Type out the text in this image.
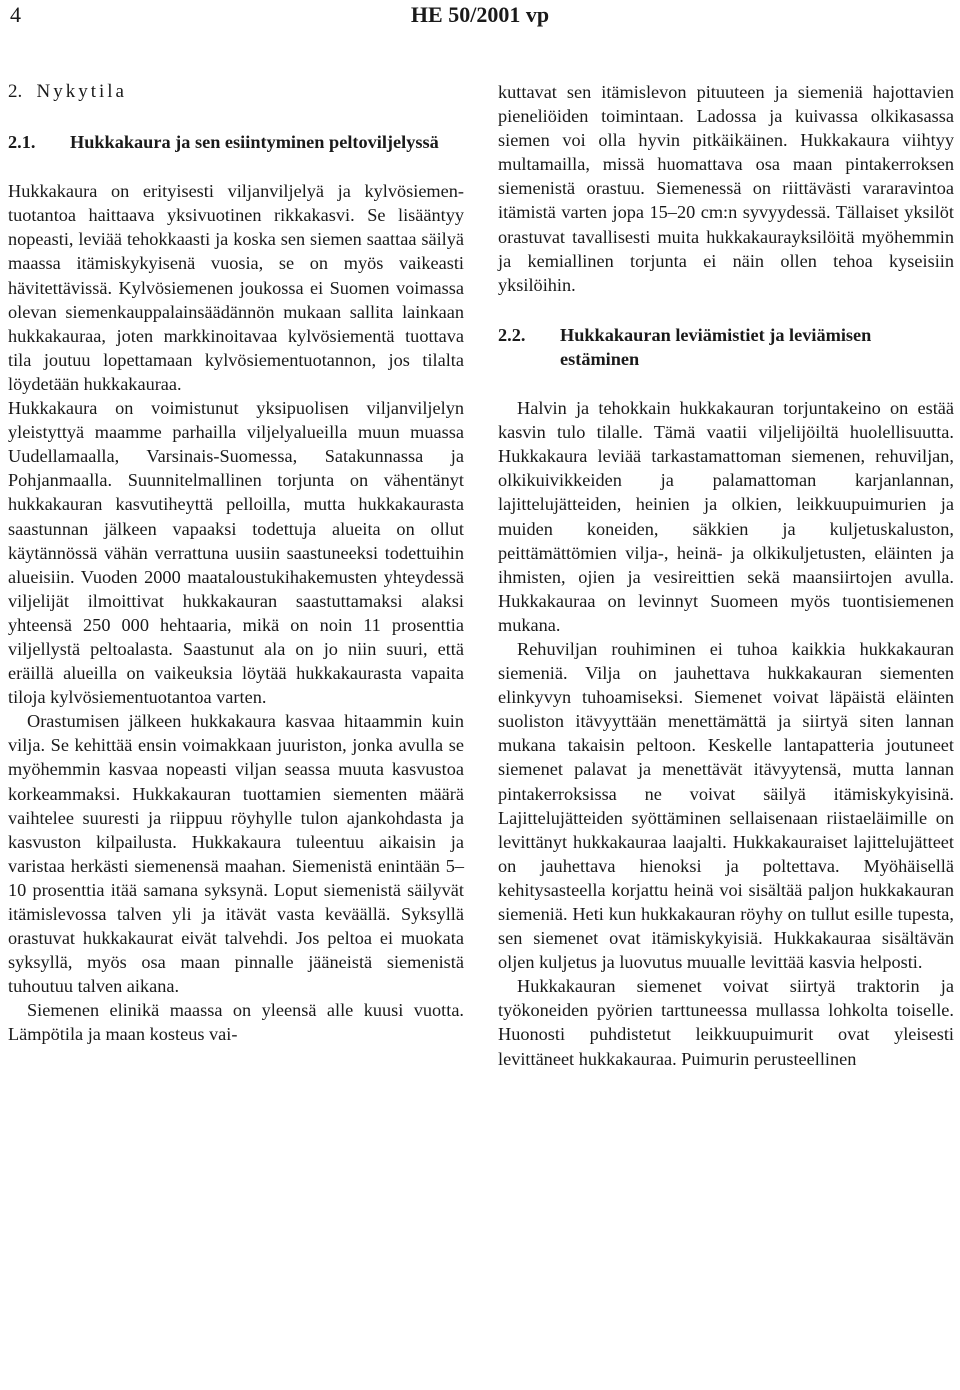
4	HE 50/2001 vp
2. Nykytila
2.1.	Hukkakaura ja sen esiintyminen peltoviljelyssä

Hukkakaura on erityisesti viljanviljelyä ja kylvösiementuotantoa haittaava yksivuotinen rikkakasvi. Se lisääntyy nopeasti, leviää tehokkaasti ja koska sen siemen saattaa säilyä maassa itämiskykyisenä vuosia, se on myös vaikeasti hävitettävissä. Kylvösiemenen joukossa ei Suomen voimassa olevan siemenkauppalainsäädännön mukaan sallita lainkaan hukkakauraa, joten markkinoitavaa kylvösiementä tuottava tila joutuu lopettamaan kylvösiementuotannon, jos tilalta löydetään hukkakauraa.

Hukkakaura on voimistunut yksipuolisen viljanviljelyn yleistyttyä maamme parhailla viljelyalueilla muun muassa Uudellamaalla, Varsinais-Suomessa, Satakunnassa ja Pohjanmaalla. Suunnitelmallinen torjunta on vähentänyt hukkakauran kasvutiheyttä pelloilla, mutta hukkakaurasta saastunnan jälkeen vapaaksi todettuja alueita on ollut käytännössä vähän verrattuna uusiin saastuneeksi todettuihin alueisiin. Vuoden 2000 maataloustukihakemusten yhteydessä viljelijät ilmoittivat hukkakauran saastuttamaksi alaksi yhteensä 250 000 hehtaaria, mikä on noin 11 prosenttia viljellystä peltoalasta. Saastunut ala on jo niin suuri, että eräillä alueilla on vaikeuksia löytää hukkakaurasta vapaita tiloja kylvösiementuotantoa varten.

Orastumisen jälkeen hukkakaura kasvaa hitaammin kuin vilja. Se kehittää ensin voimakkaan juuriston, jonka avulla se myöhemmin kasvaa nopeasti viljan seassa muuta kasvustoa korkeammaksi. Hukkakauran tuottamien siementen määrä vaihtelee suuresti ja riippuu röyhylle tulon ajankohdasta ja kasvuston kilpailusta. Hukkakaura tuleentuu aikaisin ja varistaa herkästi siemenensä maahan. Siemenistä enintään 5–10 prosenttia itää samana syksynä. Loput siemenistä säilyvät itämislevossa talven yli ja itävät vasta keväällä. Syksyllä orastuvat hukkakaurat eivät talvehdi. Jos peltoa ei muokata syksyllä, myös osa maan pinnalle jääneistä siemenistä tuhoutuu talven aikana.

Siemenen elinikä maassa on yleensä alle kuusi vuotta. Lämpötila ja maan kosteus vai-

kuttavat sen itämislevon pituuteen ja siemeniä hajottavien pieneliöiden toimintaan. Ladossa ja kuivassa olkikasassa siemen voi olla hyvin pitkäikäinen. Hukkakaura viihtyy multamailla, missä huomattava osa maan pintakerroksen siemenistä orastuu. Siemenessä on riittävästi vararavintoa itämistä varten jopa 15–20 cm:n syvyydessä. Tällaiset yksilöt orastuvat tavallisesti muita hukkakaurayksilöitä myöhemmin ja kemiallinen torjunta ei näin ollen tehoa kyseisiin yksilöihin.

2.2.	Hukkakauran leviämistiet ja leviämisen estäminen

Halvin ja tehokkain hukkakauran torjuntakeino on estää kasvin tulo tilalle. Tämä vaatii viljelijöiltä huolellisuutta. Hukkakaura leviää tarkastamattoman siemenen, rehuviljan, olkikuivikkeiden ja palamattoman karjanlannan, lajittelujätteiden, heinien ja olkien, leikkuupuimurien ja muiden koneiden, säkkien ja kuljetuskaluston, peittämättömien vilja-, heinä- ja olkikuljetusten, eläinten ja ihmisten, ojien ja vesireittien sekä maansiirtojen avulla. Hukkakauraa on levinnyt Suomeen myös tuontisiemenen mukana.

Rehuviljan rouhiminen ei tuhoa kaikkia hukkakauran siemeniä. Vilja on jauhettava hukkakauran siementen elinkyvyn tuhoamiseksi. Siemenet voivat läpäistä eläinten suoliston itävyyttään menettämättä ja siirtyä siten lannan mukana takaisin peltoon. Keskelle lantapatteria joutuneet siemenet palavat ja menettävät itävyytensä, mutta lannan pintakerroksissa ne voivat säilyä itämiskykyisinä. Lajittelujätteiden syöttäminen sellaisenaan riistaeläimille on levittänyt hukkakauraa laajalti. Hukkakauraiset lajittelujätteet on jauhettava hienoksi ja poltettava. Myöhäisellä kehitysasteella korjattu heinä voi sisältää paljon hukkakauran siemeniä. Heti kun hukkakauran röyhy on tullut esille tupesta, sen siemenet ovat itämiskykyisiä. Hukkakauraa sisältävän oljen kuljetus ja luovutus muualle levittää kasvia helposti.

Hukkakauran siemenet voivat siirtyä traktorin ja työkoneiden pyörien tarttuneessa mullassa lohkolta toiselle. Huonosti puhdistetut leikkuupuimurit ovat yleisesti levittäneet hukkakauraa. Puimurin perusteellinen
